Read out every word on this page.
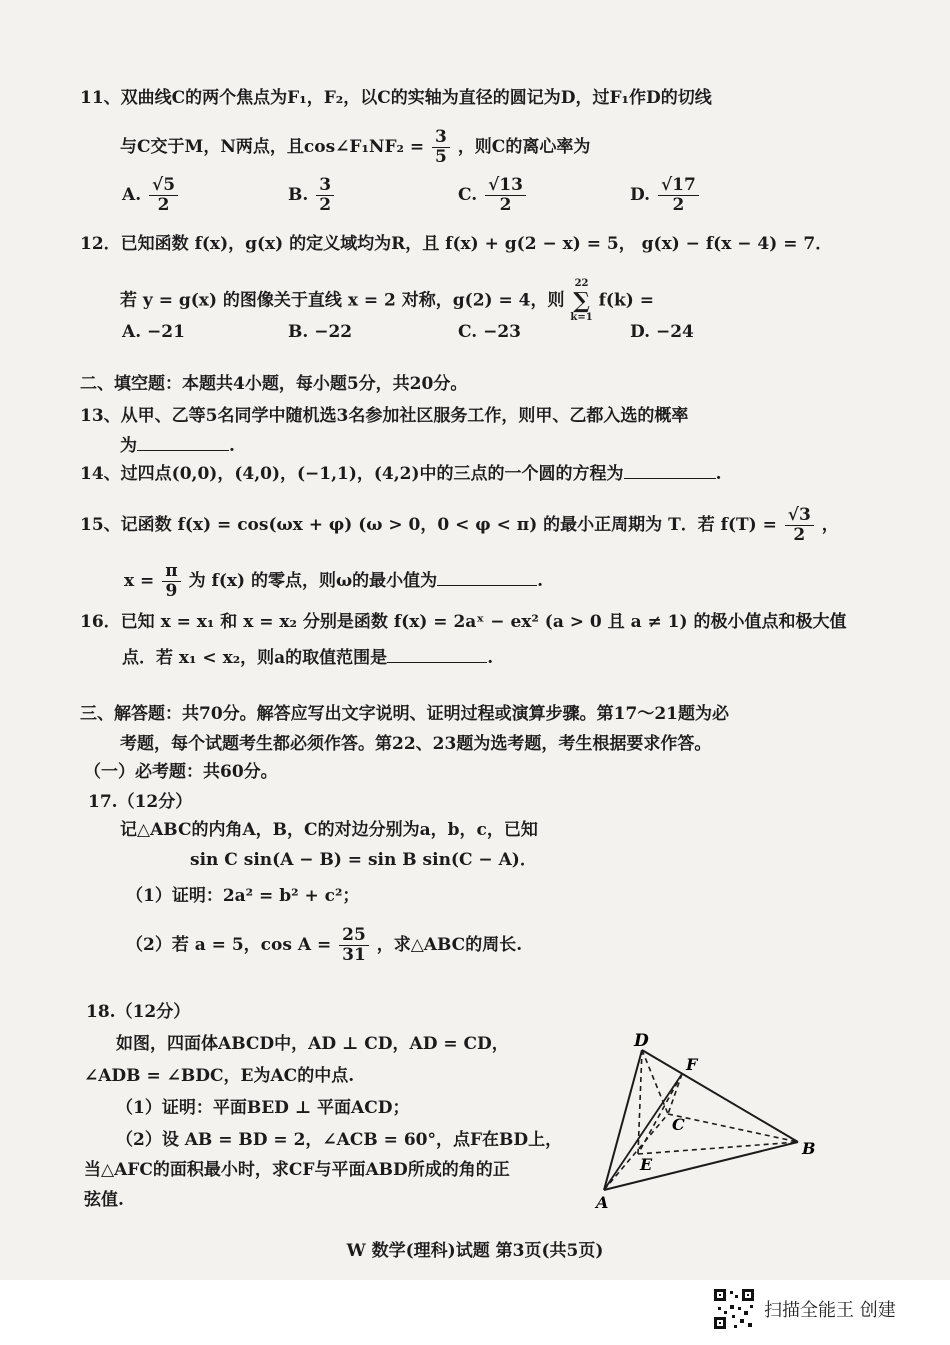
11、双曲线C的两个焦点为F₁，F₂，以C的实轴为直径的圆记为D，过F₁作D的切线
与C交于M，N两点，且cos∠F₁NF₂ = $\frac{3}{5}$ ，则C的离心率为
A. $\frac{√5}{2}$	B. $\frac{3}{2}$	C. $\frac{√13}{2}$	D. $\frac{√17}{2}$
12．已知函数 f(x)，g(x) 的定义域均为R，且 f(x) + g(2 − x) = 5， g(x) − f(x − 4) = 7．
若 y = g(x) 的图像关于直线 x = 2 对称，g(2) = 4，则
22
∑
k=1
f(k) =
A. −21	B. −22	C. −23	D. −24
二、填空题：本题共4小题，每小题5分，共20分。
13、从甲、乙等5名同学中随机选3名参加社区服务工作，则甲、乙都入选的概率
为	.
14、过四点(0,0)，(4,0)，(−1,1)，(4,2)中的三点的一个圆的方程为	.
15、记函数 f(x) = cos(ωx + φ) (ω > 0，0 < φ < π) 的最小正周期为 T．若 $f(T) = \frac{√3}{2}$ ，
$x = \frac{\pi}{9}$ 为 f(x) 的零点，则ω的最小值为	.
16．已知 x = x₁ 和 x = x₂ 分别是函数 f(x) = 2aˣ − ex² (a > 0 且 a ≠ 1) 的极小值点和极大值
点．若 x₁ < x₂，则a的取值范围是	.
三、解答题：共70分。解答应写出文字说明、证明过程或演算步骤。第17～21题为必
考题，每个试题考生都必须作答。第22、23题为选考题，考生根据要求作答。
（一）必考题：共60分。
17.（12分）
记△ABC的内角A，B，C的对边分别为a，b，c，已知
sin C sin(A − B) = sin B sin(C − A)．
（1）证明：2a² = b² + c²；
（2）若 a = 5，$\cos A = \frac{25}{31}$ ，求△ABC的周长.
18.（12分）
如图，四面体ABCD中，AD ⊥ CD，AD = CD，
∠ADB = ∠BDC，E为AC的中点.
（1）证明：平面BED ⊥ 平面ACD；
（2）设 AB = BD = 2，∠ACB = 60°，点F在BD上，
当△AFC的面积最小时，求CF与平面ABD所成的角的正
弦值.
D
F
C
B
E
A
W 数学(理科)试题 第3页(共5页)
扫描全能王 创建
